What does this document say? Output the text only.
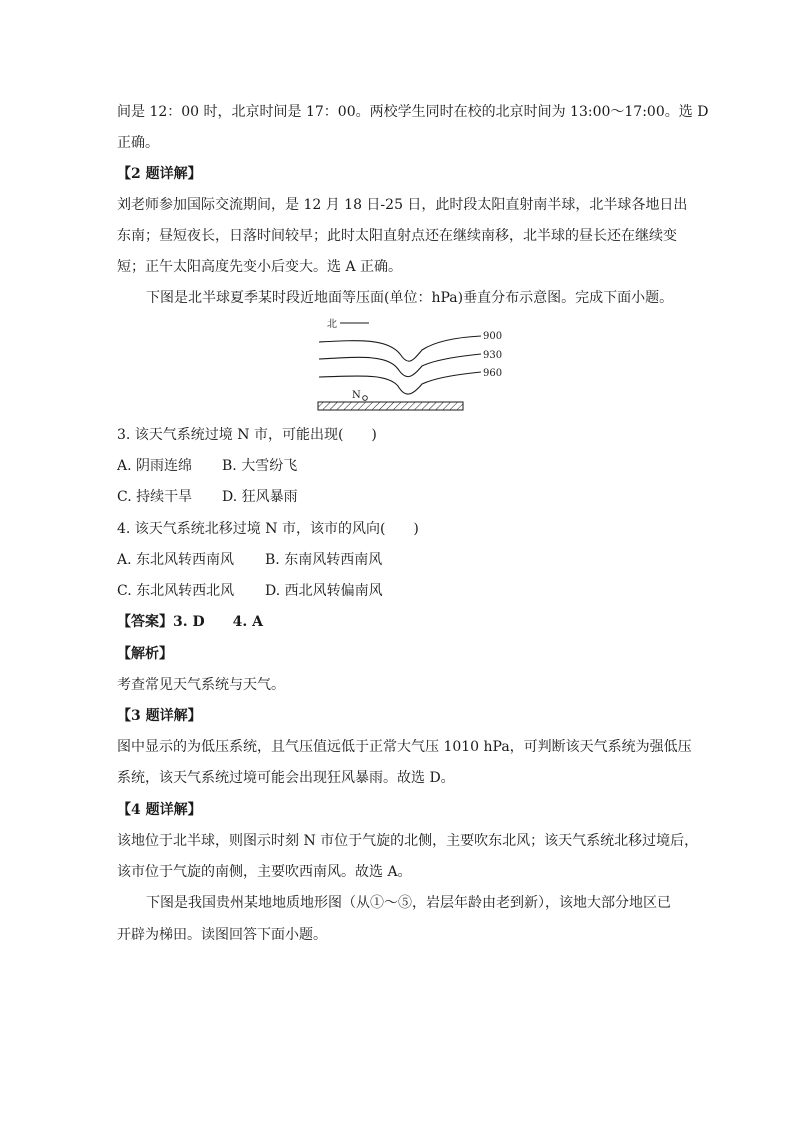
间是 12：00 时，北京时间是 17：00。两校学生同时在校的北京时间为 13:00～17:00。选 D
正确。
【2 题详解】
刘老师参加国际交流期间，是 12 月 18 日-25 日，此时段太阳直射南半球，北半球各地日出
东南；昼短夜长，日落时间较早；此时太阳直射点还在继续南移，北半球的昼长还在继续变
短；正午太阳高度先变小后变大。选 A 正确。
下图是北半球夏季某时段近地面等压面(单位：hPa)垂直分布示意图。完成下面小题。
北
900
930
960
N
3. 该天气系统过境 N 市，可能出现(　　)
A. 阴雨连绵 B. 大雪纷飞
C. 持续干旱 D. 狂风暴雨
4. 该天气系统北移过境 N 市，该市的风向(　　)
A. 东北风转西南风 B. 东南风转西南风
C. 东北风转西北风 D. 西北风转偏南风
【答案】3. D　　4. A
【解析】
考查常见天气系统与天气。
【3 题详解】
图中显示的为低压系统，且气压值远低于正常大气压 1010 hPa，可判断该天气系统为强低压
系统，该天气系统过境可能会出现狂风暴雨。故选 D。
【4 题详解】
该地位于北半球，则图示时刻 N 市位于气旋的北侧，主要吹东北风；该天气系统北移过境后，
该市位于气旋的南侧，主要吹西南风。故选 A。
下图是我国贵州某地地质地形图（从①～⑤，岩层年龄由老到新），该地大部分地区已
开辟为梯田。读图回答下面小题。
